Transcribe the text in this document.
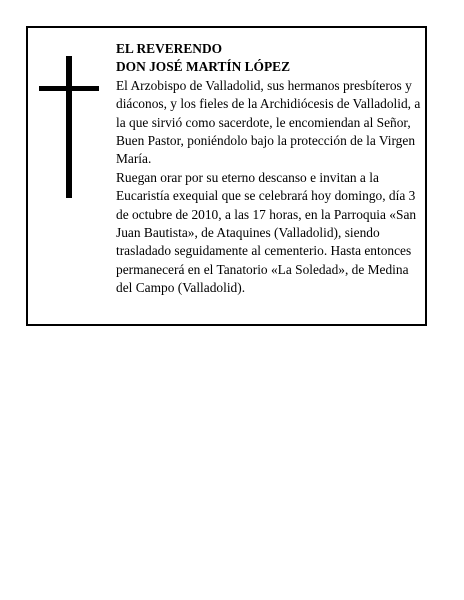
EL REVERENDO

DON JOSÉ MARTÍN LÓPEZ

El Arzobispo de Valladolid, sus hermanos presbíteros y diáconos, y los fieles de la Archidiócesis de Valladolid, a la que sirvió como sacerdote, le encomiendan al Señor, Buen Pastor, poniéndolo bajo la protección de la Virgen María.

Ruegan orar por su eterno descanso e invitan a la Eucaristía exequial que se celebrará hoy domingo, día 3 de octubre de 2010, a las 17 horas, en la Parroquia «San Juan Bautista», de Ataquines (Valladolid), siendo trasladado seguidamente al cementerio. Hasta entonces permanecerá en el Tanatorio «La Soledad», de Medina del Campo (Valladolid).
